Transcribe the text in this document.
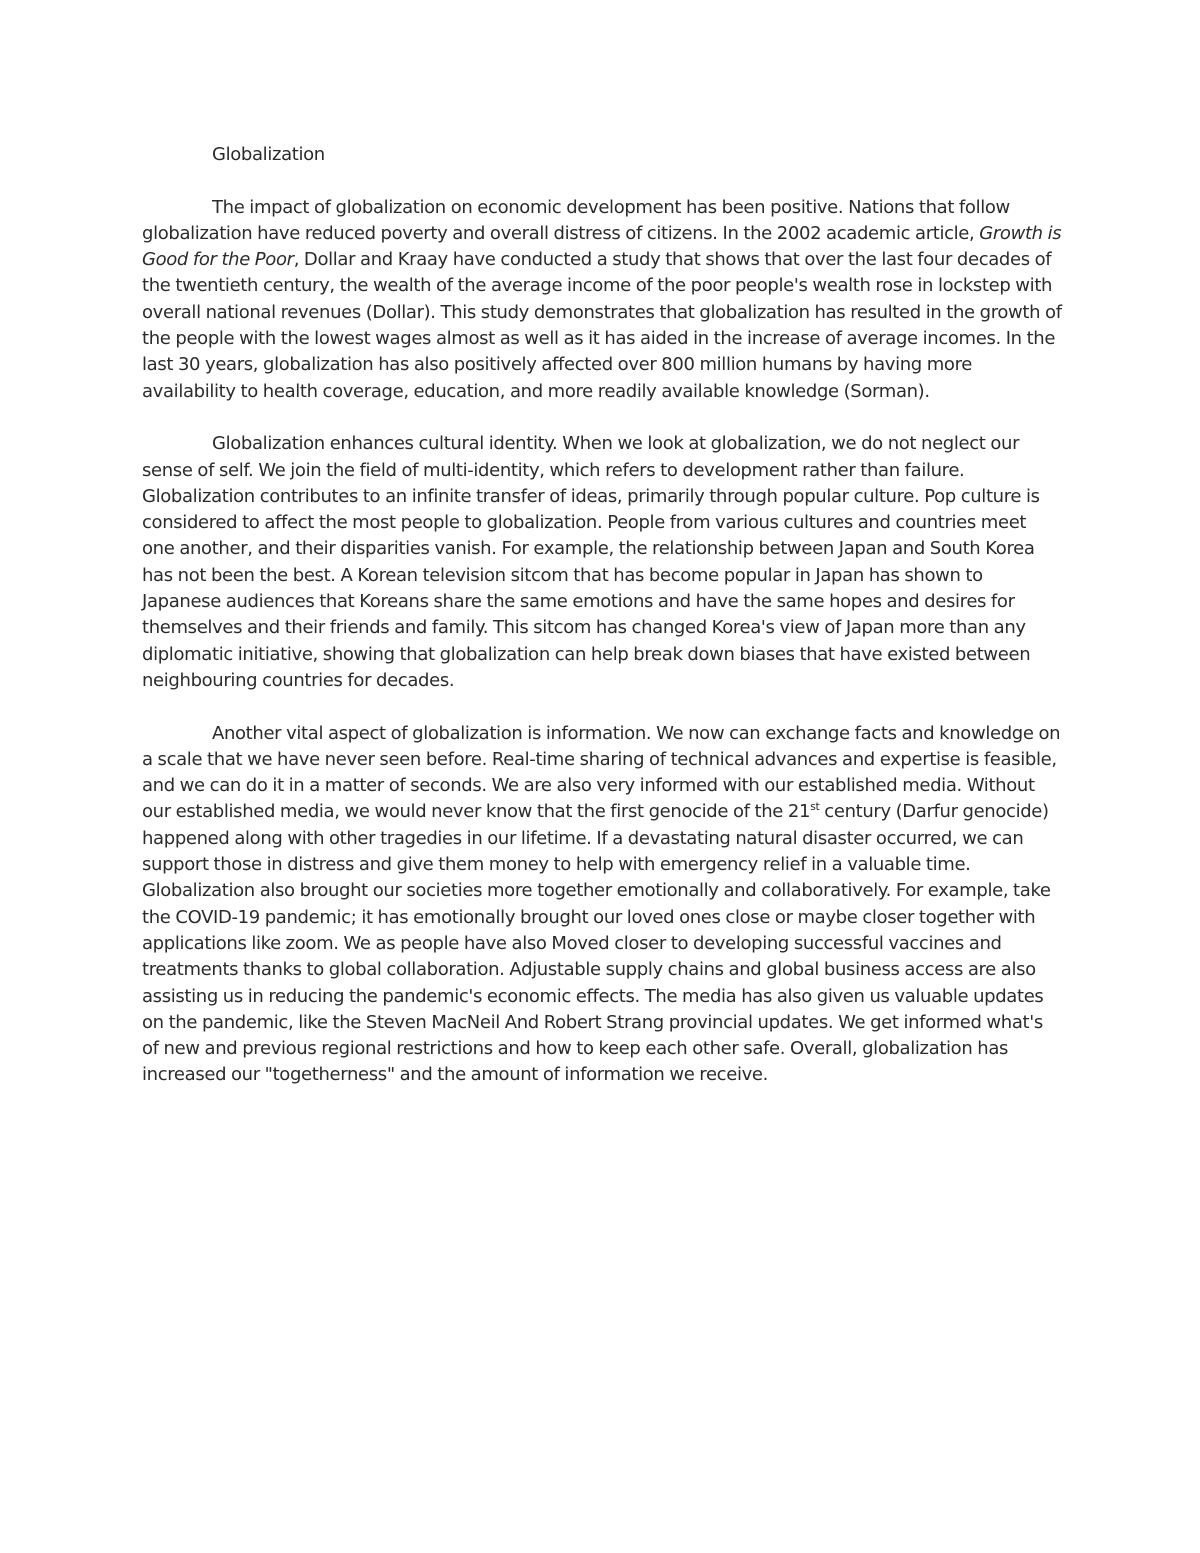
Globalization

The impact of globalization on economic development has been positive. Nations that follow globalization have reduced poverty and overall distress of citizens. In the 2002 academic article, Growth is Good for the Poor, Dollar and Kraay have conducted a study that shows that over the last four decades of the twentieth century, the wealth of the average income of the poor people's wealth rose in lockstep with overall national revenues (Dollar). This study demonstrates that globalization has resulted in the growth of the people with the lowest wages almost as well as it has aided in the increase of average incomes. In the last 30 years, globalization has also positively affected over 800 million humans by having more availability to health coverage, education, and more readily available knowledge (Sorman).

Globalization enhances cultural identity. When we look at globalization, we do not neglect our sense of self. We join the field of multi-identity, which refers to development rather than failure. Globalization contributes to an infinite transfer of ideas, primarily through popular culture. Pop culture is considered to affect the most people to globalization. People from various cultures and countries meet one another, and their disparities vanish. For example, the relationship between Japan and South Korea has not been the best. A Korean television sitcom that has become popular in Japan has shown to Japanese audiences that Koreans share the same emotions and have the same hopes and desires for themselves and their friends and family. This sitcom has changed Korea's view of Japan more than any diplomatic initiative, showing that globalization can help break down biases that have existed between neighbouring countries for decades.

Another vital aspect of globalization is information. We now can exchange facts and knowledge on a scale that we have never seen before. Real-time sharing of technical advances and expertise is feasible, and we can do it in a matter of seconds. We are also very informed with our established media. Without our established media, we would never know that the first genocide of the 21st century (Darfur genocide) happened along with other tragedies in our lifetime. If a devastating natural disaster occurred, we can support those in distress and give them money to help with emergency relief in a valuable time. Globalization also brought our societies more together emotionally and collaboratively. For example, take the COVID-19 pandemic; it has emotionally brought our loved ones close or maybe closer together with applications like zoom. We as people have also Moved closer to developing successful vaccines and treatments thanks to global collaboration. Adjustable supply chains and global business access are also assisting us in reducing the pandemic's economic effects. The media has also given us valuable updates on the pandemic, like the Steven MacNeil And Robert Strang provincial updates. We get informed what's of new and previous regional restrictions and how to keep each other safe. Overall, globalization has increased our "togetherness" and the amount of information we receive.
